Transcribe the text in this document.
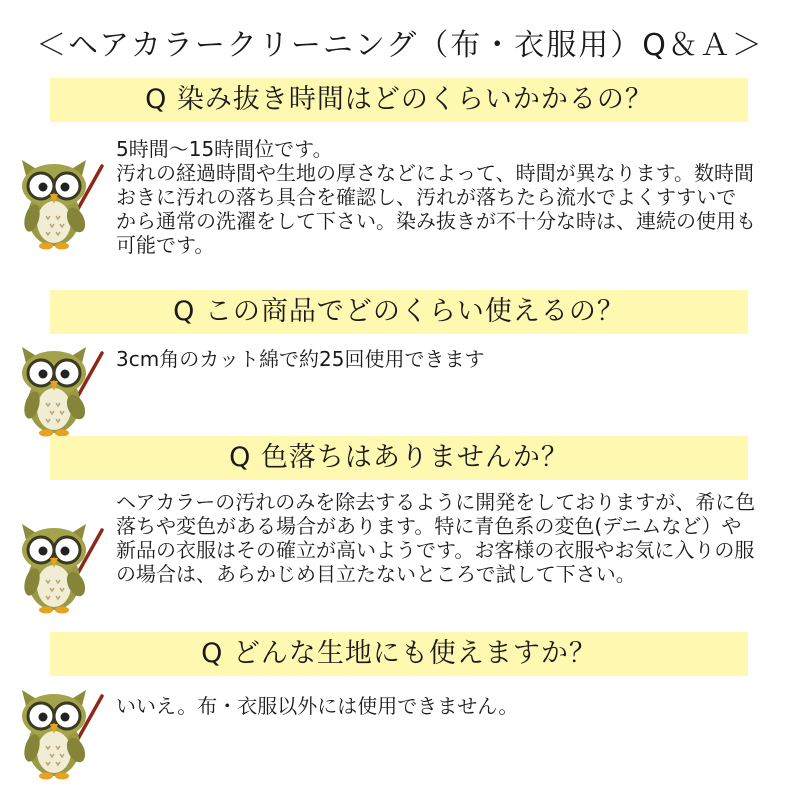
＜ヘアカラークリーニング（布・衣服用）Q＆Ａ＞
Q 染み抜き時間はどのくらいかかるの？

5時間〜15時間位です。

汚れの経過時間や生地の厚さなどによって、時間が異なります。数時間おきに汚れの落ち具合を確認し、汚れが落ちたら流水でよくすすいでから通常の洗濯をして下さい。染み抜きが不十分な時は、連続の使用も可能です。

Q この商品でどのくらい使えるの？

3cm角のカット綿で約25回使用できます

Q 色落ちはありませんか？

ヘアカラーの汚れのみを除去するように開発をしておりますが、希に色落ちや変色がある場合があります。特に青色系の変色(デニムなど）や新品の衣服はその確立が高いようです。お客様の衣服やお気に入りの服の場合は、あらかじめ目立たないところで試して下さい。

Q どんな生地にも使えますか？

いいえ。布・衣服以外には使用できません。
